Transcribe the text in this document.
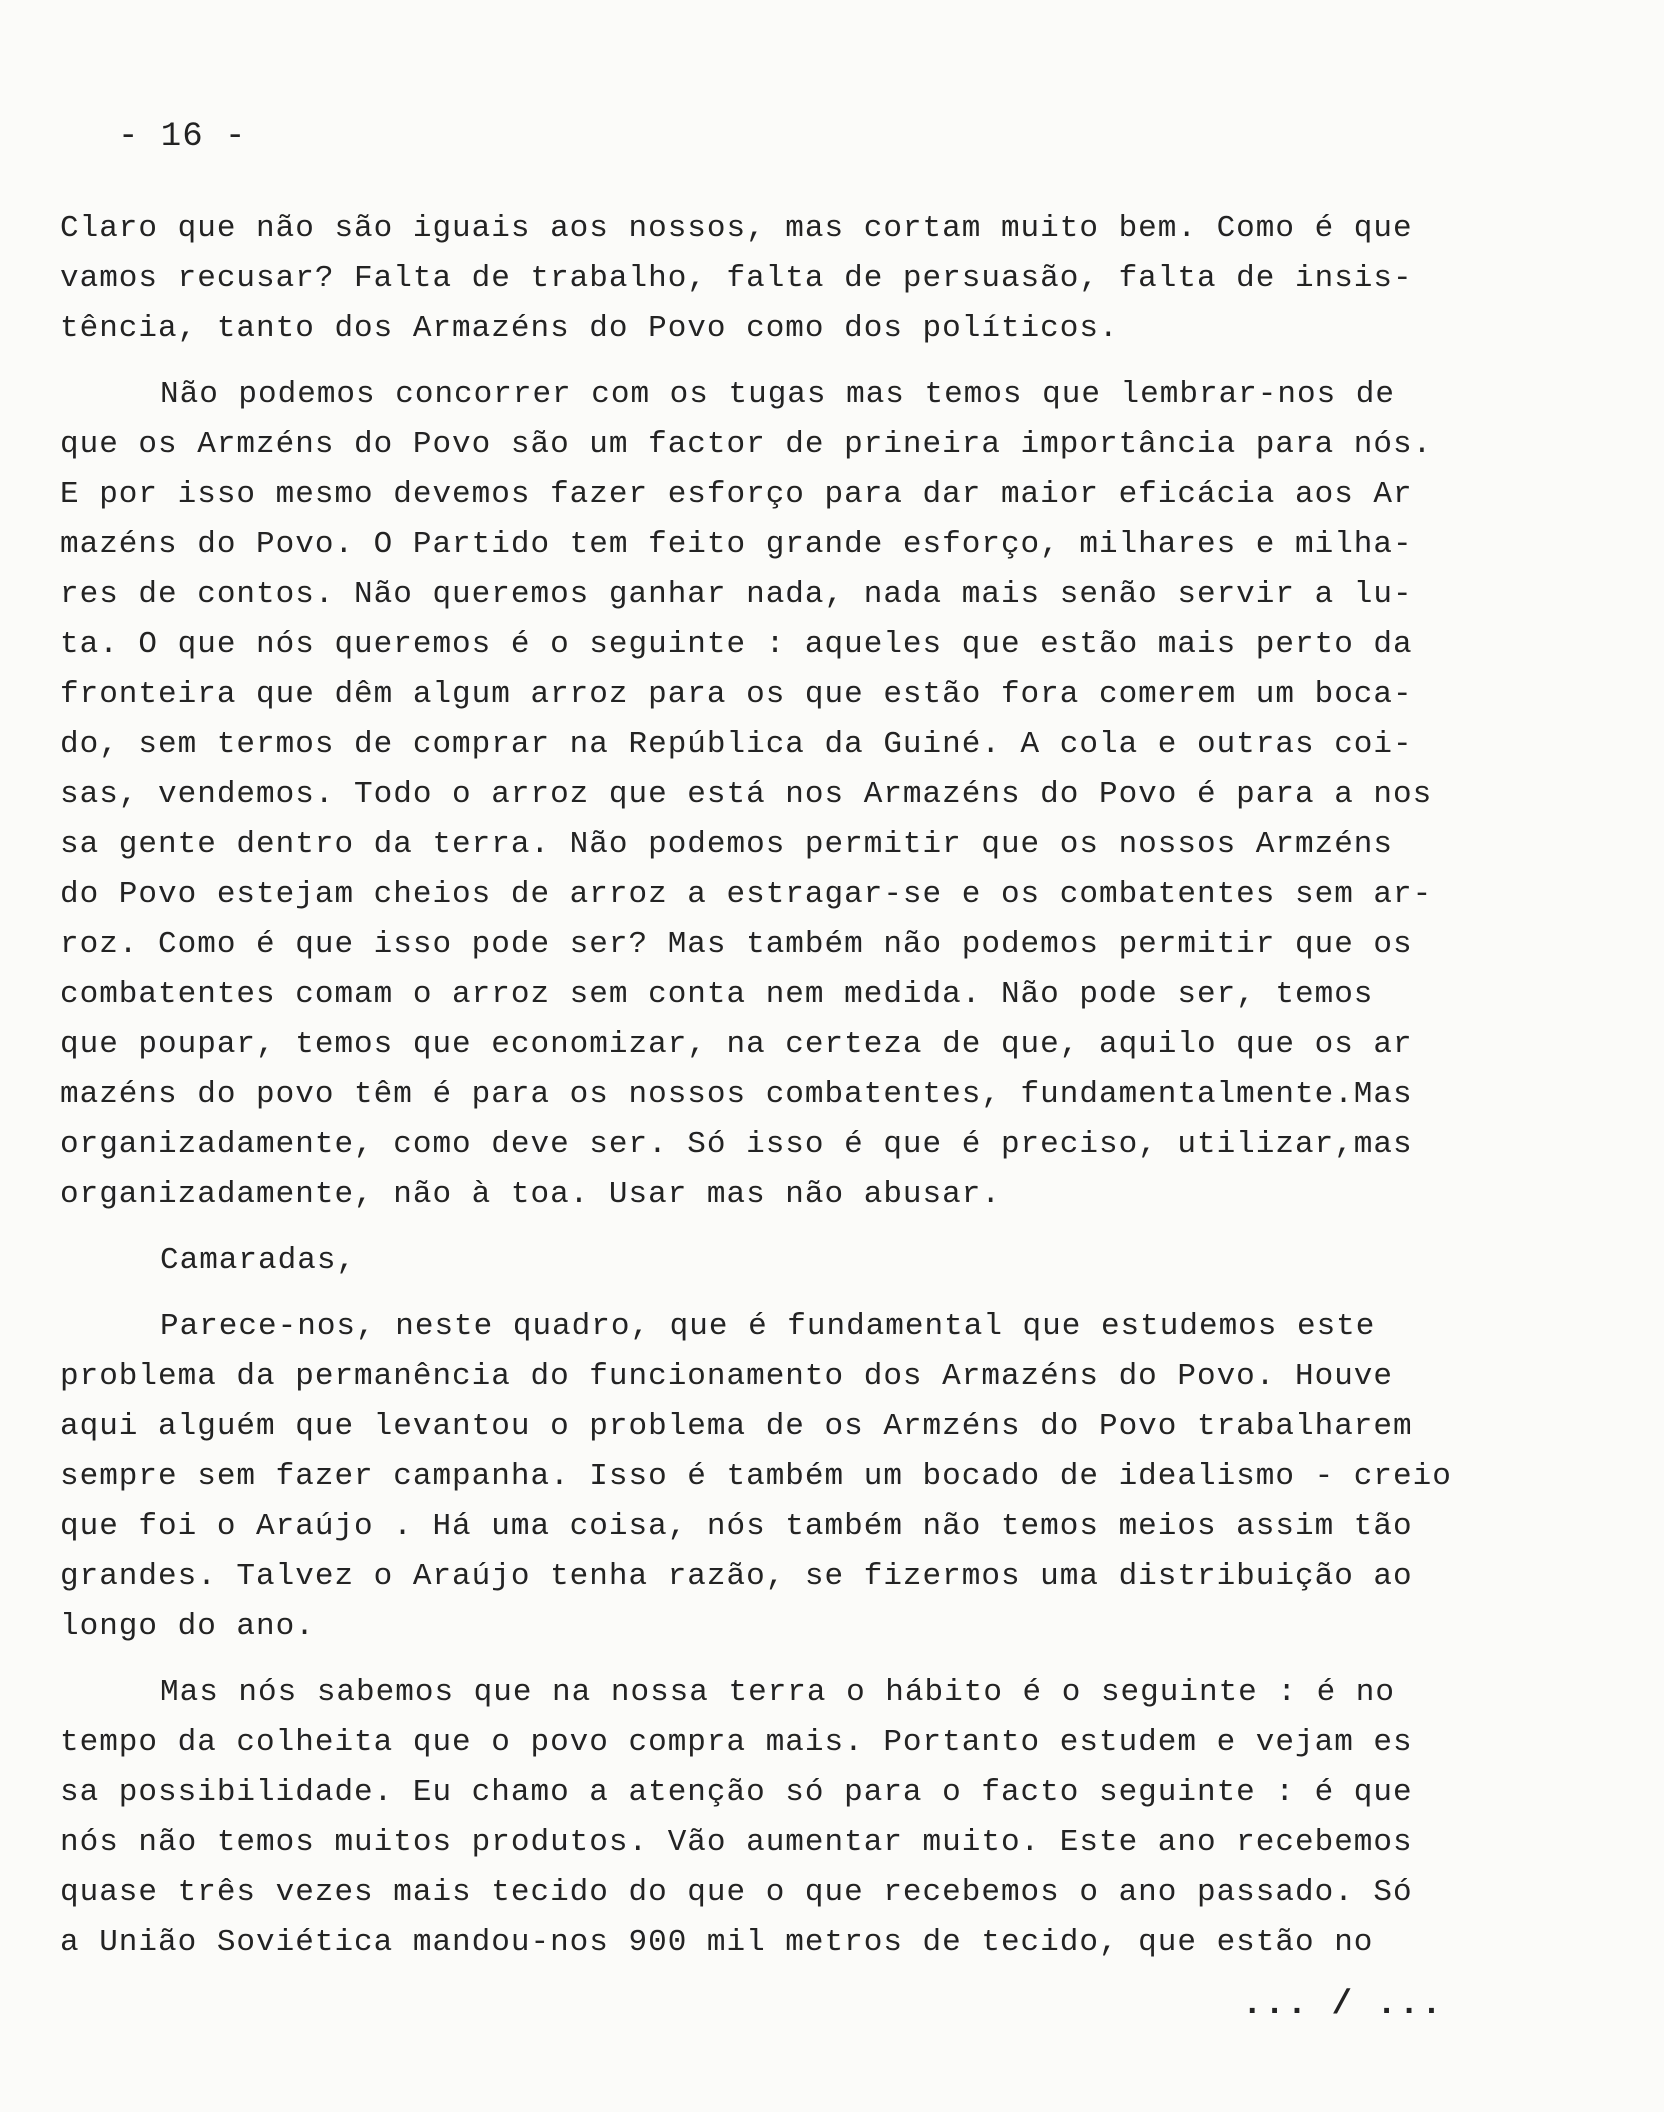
- 16 -

Claro que não são iguais aos nossos, mas cortam muito bem. Como é que
vamos recusar? Falta de trabalho, falta de persuasão, falta de insis-
tência, tanto dos Armazéns do Povo como dos políticos.
Não podemos concorrer com os tugas mas temos que lembrar-nos de
que os Armzéns do Povo são um factor de prineira importância para nós.
E por isso mesmo devemos fazer esforço para dar maior eficácia aos Ar
mazéns do Povo. O Partido tem feito grande esforço, milhares e milha-
res de contos. Não queremos ganhar nada, nada mais senão servir a lu-
ta. O que nós queremos é o seguinte : aqueles que estão mais perto da
fronteira que dêm algum arroz para os que estão fora comerem um boca-
do, sem termos de comprar na República da Guiné. A cola e outras coi-
sas, vendemos. Todo o arroz que está nos Armazéns do Povo é para a nos
sa gente dentro da terra. Não podemos permitir que os nossos Armzéns
do Povo estejam cheios de arroz a estragar-se e os combatentes sem ar-
roz. Como é que isso pode ser? Mas também não podemos permitir que os
combatentes comam o arroz sem conta nem medida. Não pode ser, temos
que poupar, temos que economizar, na certeza de que, aquilo que os ar
mazéns do povo têm é para os nossos combatentes, fundamentalmente.Mas
organizadamente, como deve ser. Só isso é que é preciso, utilizar,mas
organizadamente, não à toa. Usar mas não abusar.
Camaradas,
Parece-nos, neste quadro, que é fundamental que estudemos este
problema da permanência do funcionamento dos Armazéns do Povo. Houve
aqui alguém que levantou o problema de os Armzéns do Povo trabalharem
sempre sem fazer campanha. Isso é também um bocado de idealismo - creio
que foi o Araújo . Há uma coisa, nós também não temos meios assim tão
grandes. Talvez o Araújo tenha razão, se fizermos uma distribuição ao
longo do ano.
Mas nós sabemos que na nossa terra o hábito é o seguinte : é no
tempo da colheita que o povo compra mais. Portanto estudem e vejam es
sa possibilidade. Eu chamo a atenção só para o facto seguinte : é que
nós não temos muitos produtos. Vão aumentar muito. Este ano recebemos
quase três vezes mais tecido do que o que recebemos o ano passado. Só
a União Soviética mandou-nos 900 mil metros de tecido, que estão no

... / ...
